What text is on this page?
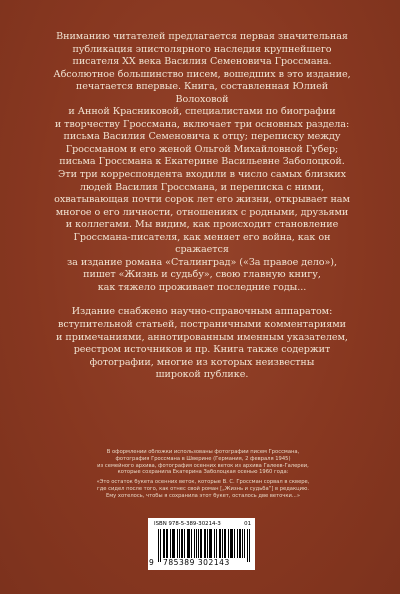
Вниманию читателей предлагается первая значительная
публикация эпистолярного наследия крупнейшего
писателя XX века Василия Семеновича Гроссмана.
Абсолютное большинство писем, вошедших в это издание,
печатается впервые. Книга, составленная Юлией Волоховой
и Анной Красниковой, специалистами по биографии
и творчеству Гроссмана, включает три основных раздела:
письма Василия Семеновича к отцу; переписку между
Гроссманом и его женой Ольгой Михайловной Губер;
письма Гроссмана к Екатерине Васильевне Заболоцкой.
Эти три корреспондента входили в число самых близких
людей Василия Гроссмана, и переписка с ними,
охватывающая почти сорок лет его жизни, открывает нам
многое о его личности, отношениях с родными, друзьями
и коллегами. Мы видим, как происходит становление
Гроссмана-писателя, как меняет его война, как он сражается
за издание романа «Сталинград» («За правое дело»),
пишет «Жизнь и судьбу», свою главную книгу,
как тяжело проживает последние годы...

Издание снабжено научно-справочным аппаратом:
вступительной статьей, постраничными комментариями
и примечаниями, аннотированным именным указателем,
реестром источников и пр. Книга также содержит
фотографии, многие из которых неизвестны
широкой публике.

В оформлении обложки использованы фотографии писем Гроссмана,
фотография Гроссмана в Шверине (Германия, 2 февраля 1945)
из семейного архива, фотография осенних веток из архива Галеев-Галереи,
которые сохранила Екатерина Заболоцкая осенью 1960 года:

«Это остаток букета осенних веток, которые В. С. Гроссман сорвал в сквере,
где сидел после того, как отнес свой роман [„Жизнь и судьба“] в редакцию.
Ему хотелось, чтобы я сохранила этот букет, осталось две веточки...»

ISBN 978-5-389-30214-3	01
9 785389 302143
